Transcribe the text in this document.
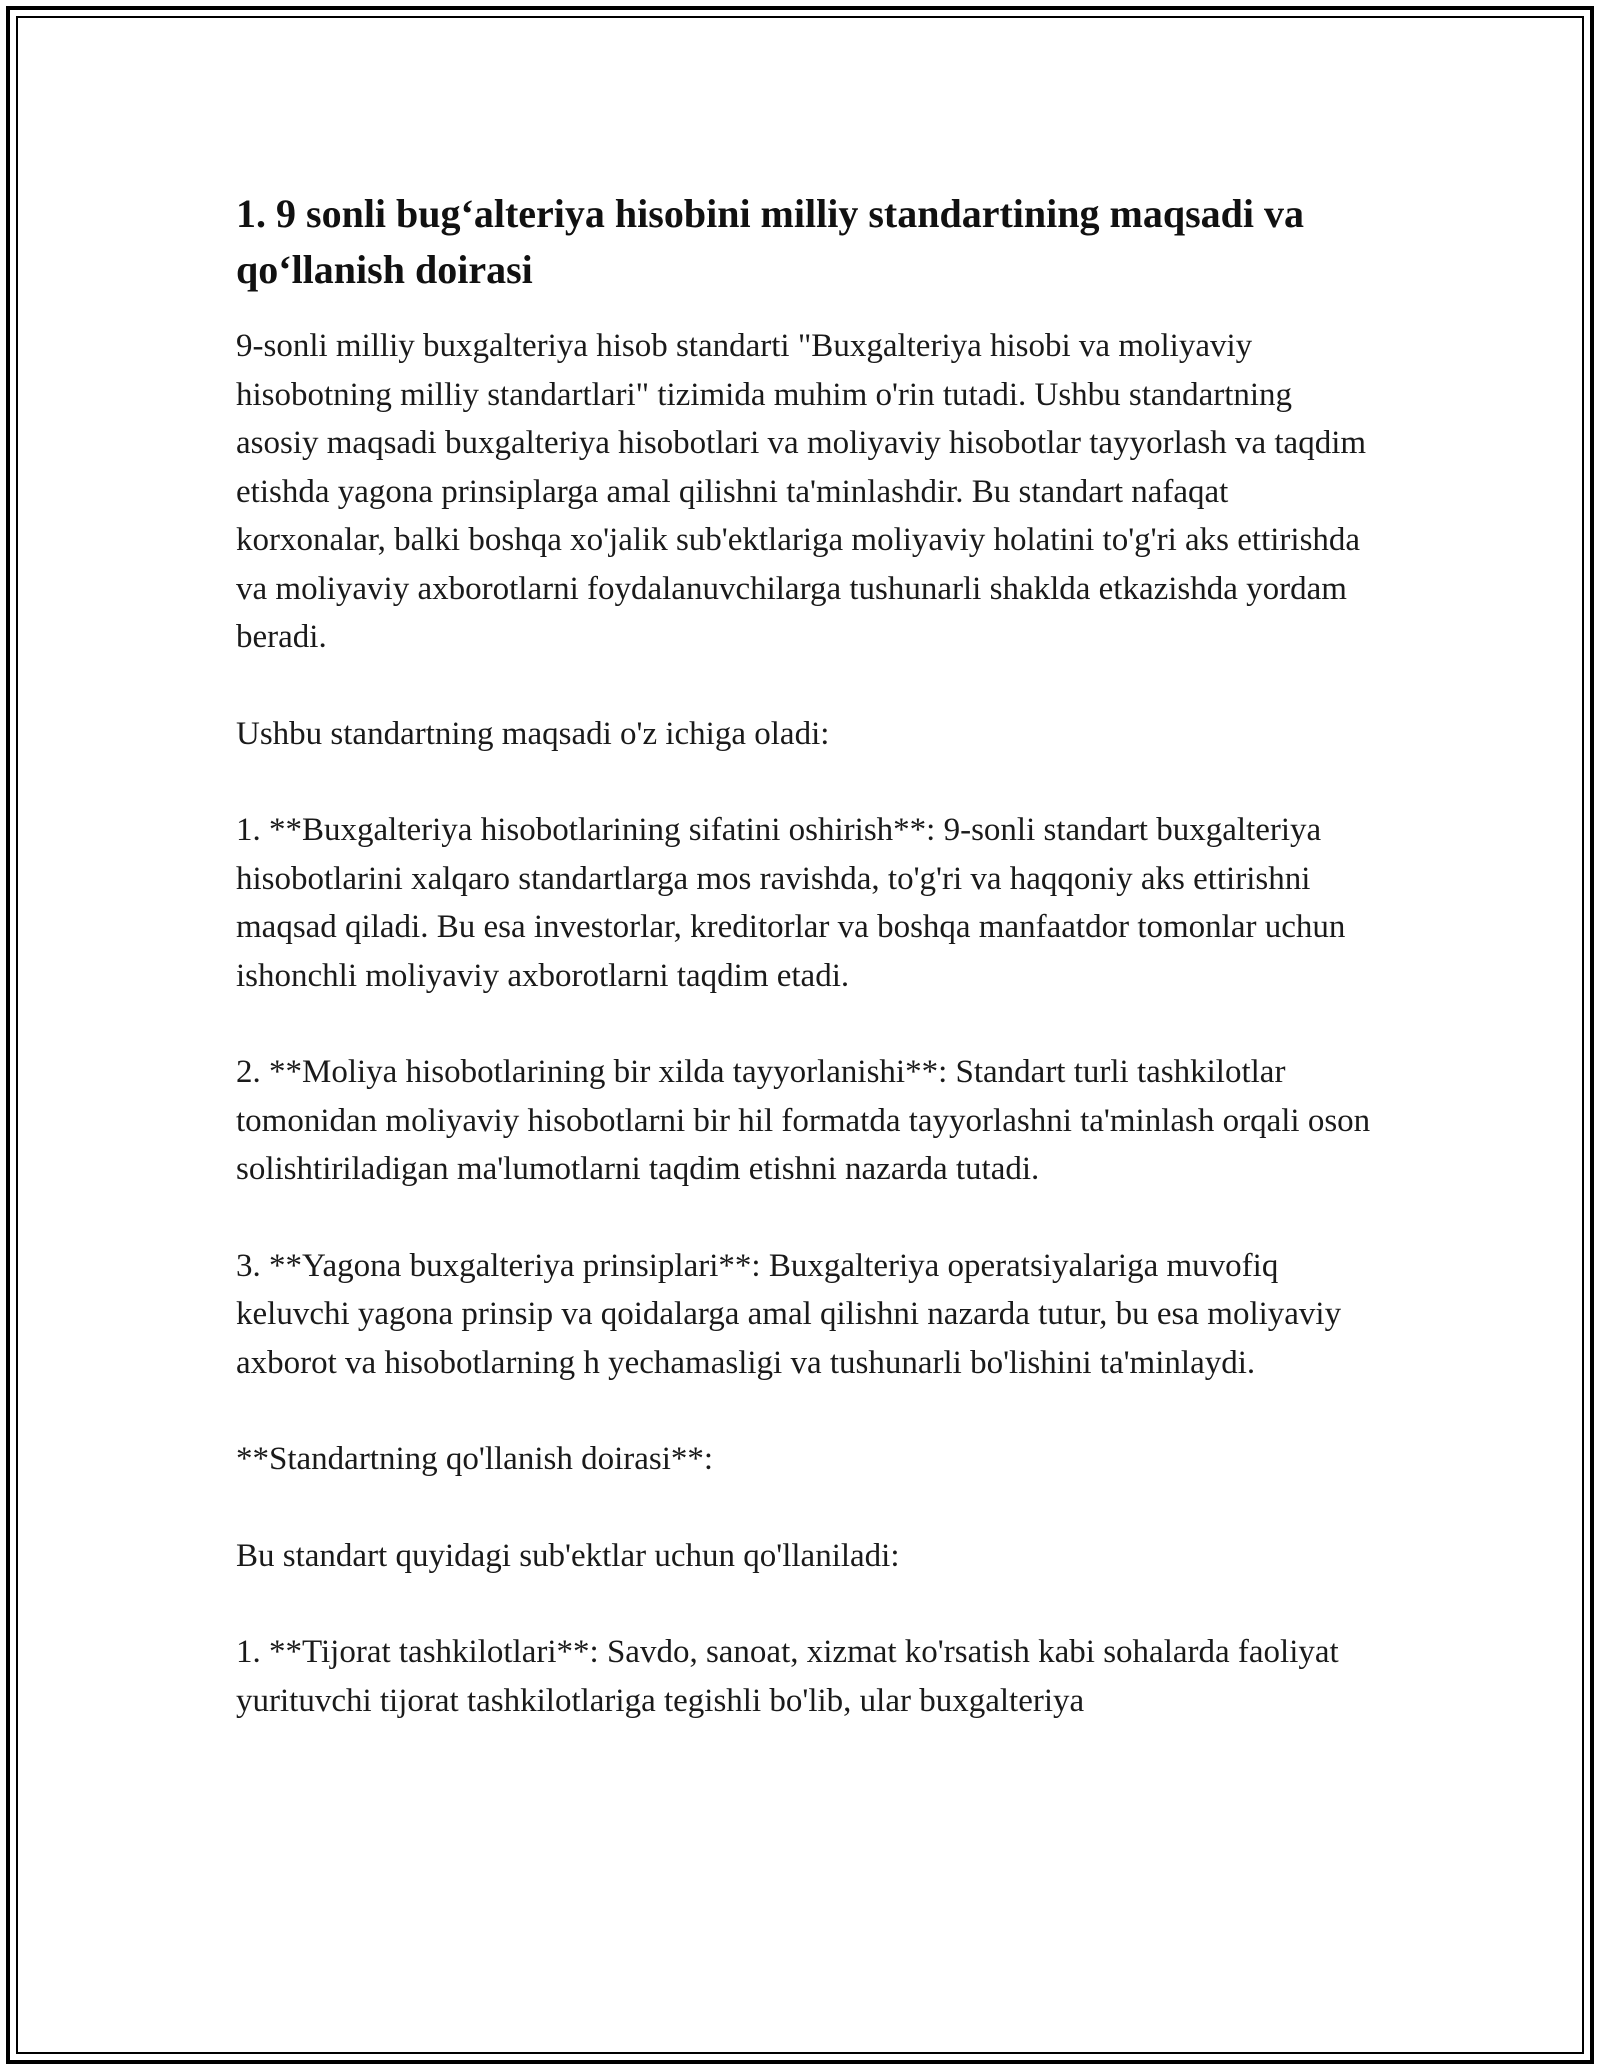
1. 9 sonli bug‘alteriya hisobini milliy standartining maqsadi va qo‘llanish doirasi

9-sonli milliy buxgalteriya hisob standarti "Buxgalteriya hisobi va moliyaviy hisobotning milliy standartlari" tizimida muhim o'rin tutadi. Ushbu standartning asosiy maqsadi buxgalteriya hisobotlari va moliyaviy hisobotlar tayyorlash va taqdim etishda yagona prinsiplarga amal qilishni ta'minlashdir. Bu standart nafaqat korxonalar, balki boshqa xo'jalik sub'ektlariga moliyaviy holatini to'g'ri aks ettirishda va moliyaviy axborotlarni foydalanuvchilarga tushunarli shaklda etkazishda yordam beradi.

Ushbu standartning maqsadi o'z ichiga oladi:

1. **Buxgalteriya hisobotlarining sifatini oshirish**: 9-sonli standart buxgalteriya hisobotlarini xalqaro standartlarga mos ravishda, to'g'ri va haqqoniy aks ettirishni maqsad qiladi. Bu esa investorlar, kreditorlar va boshqa manfaatdor tomonlar uchun ishonchli moliyaviy axborotlarni taqdim etadi.

2. **Moliya hisobotlarining bir xilda tayyorlanishi**: Standart turli tashkilotlar tomonidan moliyaviy hisobotlarni bir hil formatda tayyorlashni ta'minlash orqali oson solishtiriladigan ma'lumotlarni taqdim etishni nazarda tutadi.

3. **Yagona buxgalteriya prinsiplari**: Buxgalteriya operatsiyalariga muvofiq keluvchi yagona prinsip va qoidalarga amal qilishni nazarda tutur, bu esa moliyaviy axborot va hisobotlarning h yechamasligi va tushunarli bo'lishini ta'minlaydi.

**Standartning qo'llanish doirasi**:

Bu standart quyidagi sub'ektlar uchun qo'llaniladi:

1. **Tijorat tashkilotlari**: Savdo, sanoat, xizmat ko'rsatish kabi sohalarda faoliyat yurituvchi tijorat tashkilotlariga tegishli bo'lib, ular buxgalteriya
